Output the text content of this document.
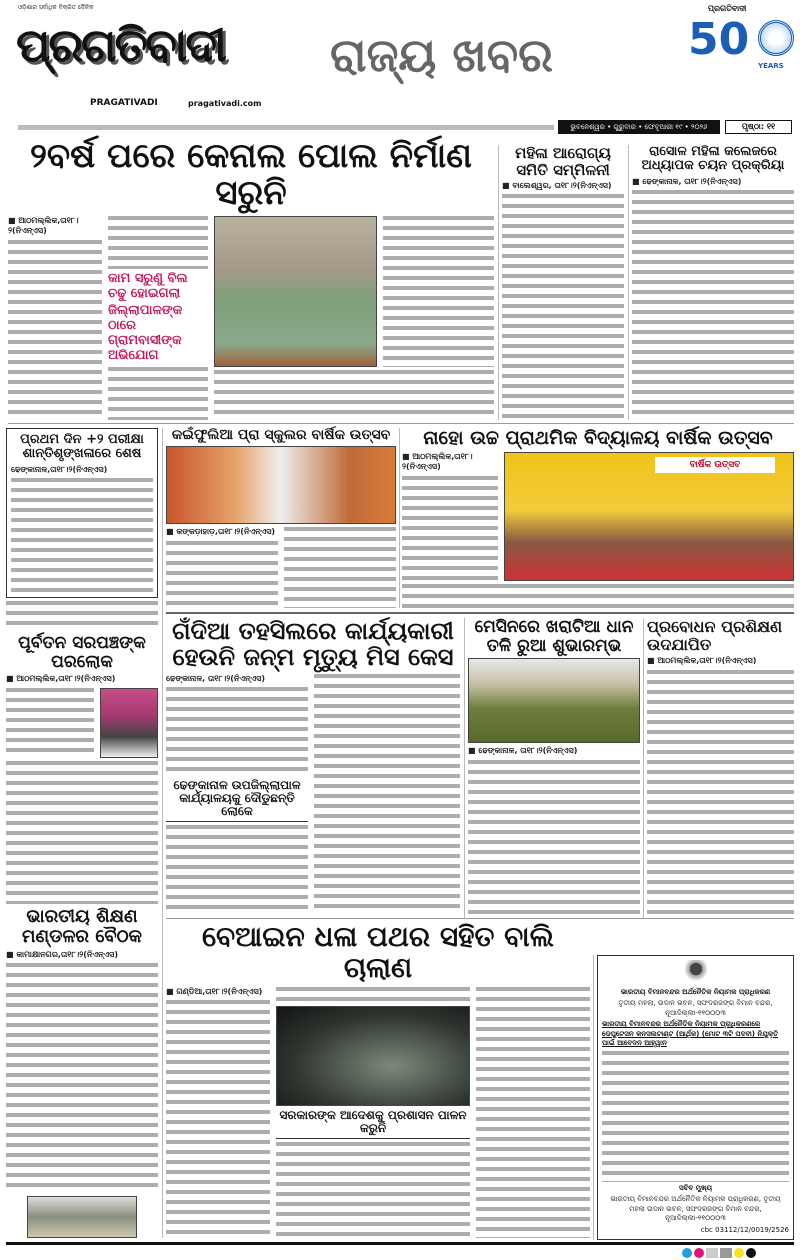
ଓଡ଼ିଶାର ସର୍ବାଧିକ ବିକ୍ରିତ ଦୈନିକ
ପ୍ରଗତିବାଦୀ
PRAGATIVADI	pragativadi.com
ରାଜ୍ୟ ଖବର
ପ୍ରଗତିବାଦୀ
50
YEARS
ଭୁବନେଶ୍ୱର • ଗୁରୁବାର • ଫେବୃଆରୀ ୧୯ • ୨୦୨୬	ପୃଷ୍ଠା: ୧୧
୨ବର୍ଷ ପରେ କେନାଲ ପୋଲ ନିର୍ମାଣ ସରୁନି
■ ଆଠମଲ୍ଲିକ,ତା୧୮।୨(ନିଏନ୍ଏସ)
କାମ ସରୁଣୁ ବିଲ ଚଢୁ ହୋଇଗଲା
ଜିଲ୍ଲାପାଳଙ୍କ ଠାରେ ଗ୍ରାମବାସୀଙ୍କ ଅଭିଯୋଗ
ମହିଳା ଆରୋଗ୍ୟ ସମିତି ସମ୍ମିଳନୀ
■ ବାଲେଶ୍ୱର, ତା୧୮।୨(ନିଏନ୍ଏସ)
ରାସୋଳ ମହିଳା କଲେଜରେ ଅଧ୍ୟାପକ ଚୟନ ପ୍ରକ୍ରିୟା
■ ଢେଙ୍କାନାଳ, ତା୧୮।୨(ନିଏନ୍ଏସ)
ପ୍ରଥମ ଦିନ +୨ ପରୀକ୍ଷା ଶାନ୍ତିଶୃଙ୍ଖଳାରେ ଶେଷ
ଢେଙ୍କାନାଳ,ତା୧୮।୨(ନିଏନ୍ଏସ)
ପୂର୍ବତନ ସରପଞ୍ଚଙ୍କ ପରଲୋକ
■ ଆଠମଲ୍ଲିକ,ତା୧୮।୨(ନିଏନ୍ଏସ)
ଭାରତୀୟ ଶିକ୍ଷଣ ମଣ୍ଡଳର ବୈଠକ
■ କାମାକ୍ଷାନଗର,ତା୧୮।୨(ନିଏନ୍ଏସ)
କଇଁଫୁଲିଆ ପ୍ରା ସ୍କୁଲର ବାର୍ଷିକ ଉତ୍ସବ
■ କଙ୍କଡ଼ାହାଡ଼,ତା୧୮।୨(ନିଏନ୍ଏସ)
ନାହୋ ଉଚ୍ଚ ପ୍ରାଥମିକ ବିଦ୍ୟାଳୟ ବାର୍ଷିକ ଉତ୍ସବ
■ ଆଠମଲ୍ଲିକ,ତା୧୮।୨(ନିଏନ୍ଏସ)	ବାର୍ଷିକ ଉତ୍ସବ
ଗଁଦିଆ ତହସିଲରେ କାର୍ଯ୍ୟକାରୀ ହେଉନି ଜନ୍ମ ମୃତ୍ୟୁ ମିସ କେସ
ଢେଙ୍କାନାଳ, ତା୧୮।୨(ନିଏନ୍ଏସ)
ଢେଙ୍କାନାଳ ଉପଜିଲ୍ଲାପାଳ କାର୍ଯ୍ୟାଳୟକୁ ଦୌଡୁଛନ୍ତି ଲୋକେ
ମେସିନରେ ଖରାଟିଆ ଧାନ ତଳି ରୁଆ ଶୁଭାରମ୍ଭ
■ ଢେଙ୍କାନାଳ, ତା୧୮।୨(ନିଏନ୍ଏସ)
ପ୍ରବୋଧନ ପ୍ରଶିକ୍ଷଣ ଉଦଯାପିତ
■ ଆଠମଲ୍ଲିକ,ତା୧୮।୨(ନିଏନ୍ଏସ)
ବେଆଇନ ଧଳା ପଥର ସହିତ ବାଲି ଚାଲାଣ
■ ଗଣ୍ଡିଆ,ତା୧୮।୨(ନିଏନ୍ଏସ)
ସରକାରଙ୍କ ଆଦେଶକୁ ପ୍ରଶାସନ ପାଳନ କରୁନି
ଭାରତୀୟ ବିମାନବନ୍ଦର ଅର୍ଥନୈତିକ ନିୟାମକ ପ୍ରାଧିକରଣ
ତୃତୀୟ ମହଲା, ଉଦାନ ଭବନ, ସଫଦରଜଙ୍ଗ ବିମାନ ବନ୍ଦର, ନୂଆଦିଲ୍ଲୀ-୧୧୦୦୦୩
ଭାରତୀୟ ବିମାନବନ୍ଦର ଅର୍ଥନୈତିକ ନିୟାମକ ପ୍ରାଧିକରଣରେ ଡେପୁଟେସନ କନସଲଟାଣ୍ଟ (ଆର୍ଥିକ) (ମୋଟ ୩ଟି ପଦବୀ) ନିଯୁକ୍ତି ପାଇଁ ଆବେଦନ ଆହ୍ୱାନ
ସଚିବ ମୁଖ୍ୟ
ଭାରତୀୟ ବିମାନବନ୍ଦର ଅର୍ଥନୈତିକ ନିୟାମକ ପ୍ରାଧିକରଣ, ତୃତୀୟ ମହଲା ଉଦାନ ଭବନ, ସଫଦରଜଙ୍ଗ ବିମାନ ବନ୍ଦର, ନୂଆଦିଲ୍ଲୀ-୧୧୦୦୦୩
cbc 03112/12/0019/2526
